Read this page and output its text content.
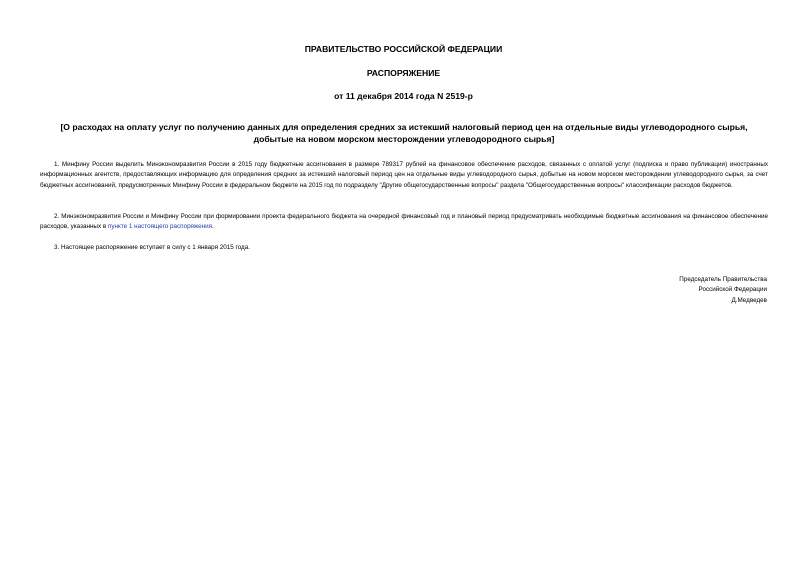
ПРАВИТЕЛЬСТВО РОССИЙСКОЙ ФЕДЕРАЦИИ
РАСПОРЯЖЕНИЕ
от 11 декабря 2014 года N 2519-р
[О расходах на оплату услуг по получению данных для определения средних за истекший налоговый период цен на отдельные виды углеводородного сырья, добытые на новом морском месторождении углеводородного сырья]

1. Минфину России выделить Минэкономразвития России в 2015 году бюджетные ассигнования в размере 789317 рублей на финансовое обеспечение расходов, связанных с оплатой услуг (подписка и право публикации) иностранных информационных агентств, предоставляющих информацию для определения средних за истекший налоговый период цен на отдельные виды углеводородного сырья, добытые на новом морском месторождении углеводородного сырья, за счет бюджетных ассигнований, предусмотренных Минфину России в федеральном бюджете на 2015 год по подразделу "Другие общегосударственные вопросы" раздела "Общегосударственные вопросы" классификации расходов бюджетов.

2. Минэкономразвития России и Минфину России при формировании проекта федерального бюджета на очередной финансовый год и плановый период предусматривать необходимые бюджетные ассигнования на финансовое обеспечение расходов, указанных в пункте 1 настоящего распоряжения.

3. Настоящее распоряжение вступает в силу с 1 января 2015 года.

Председатель Правительства
Российской Федерации
Д.Медведев
